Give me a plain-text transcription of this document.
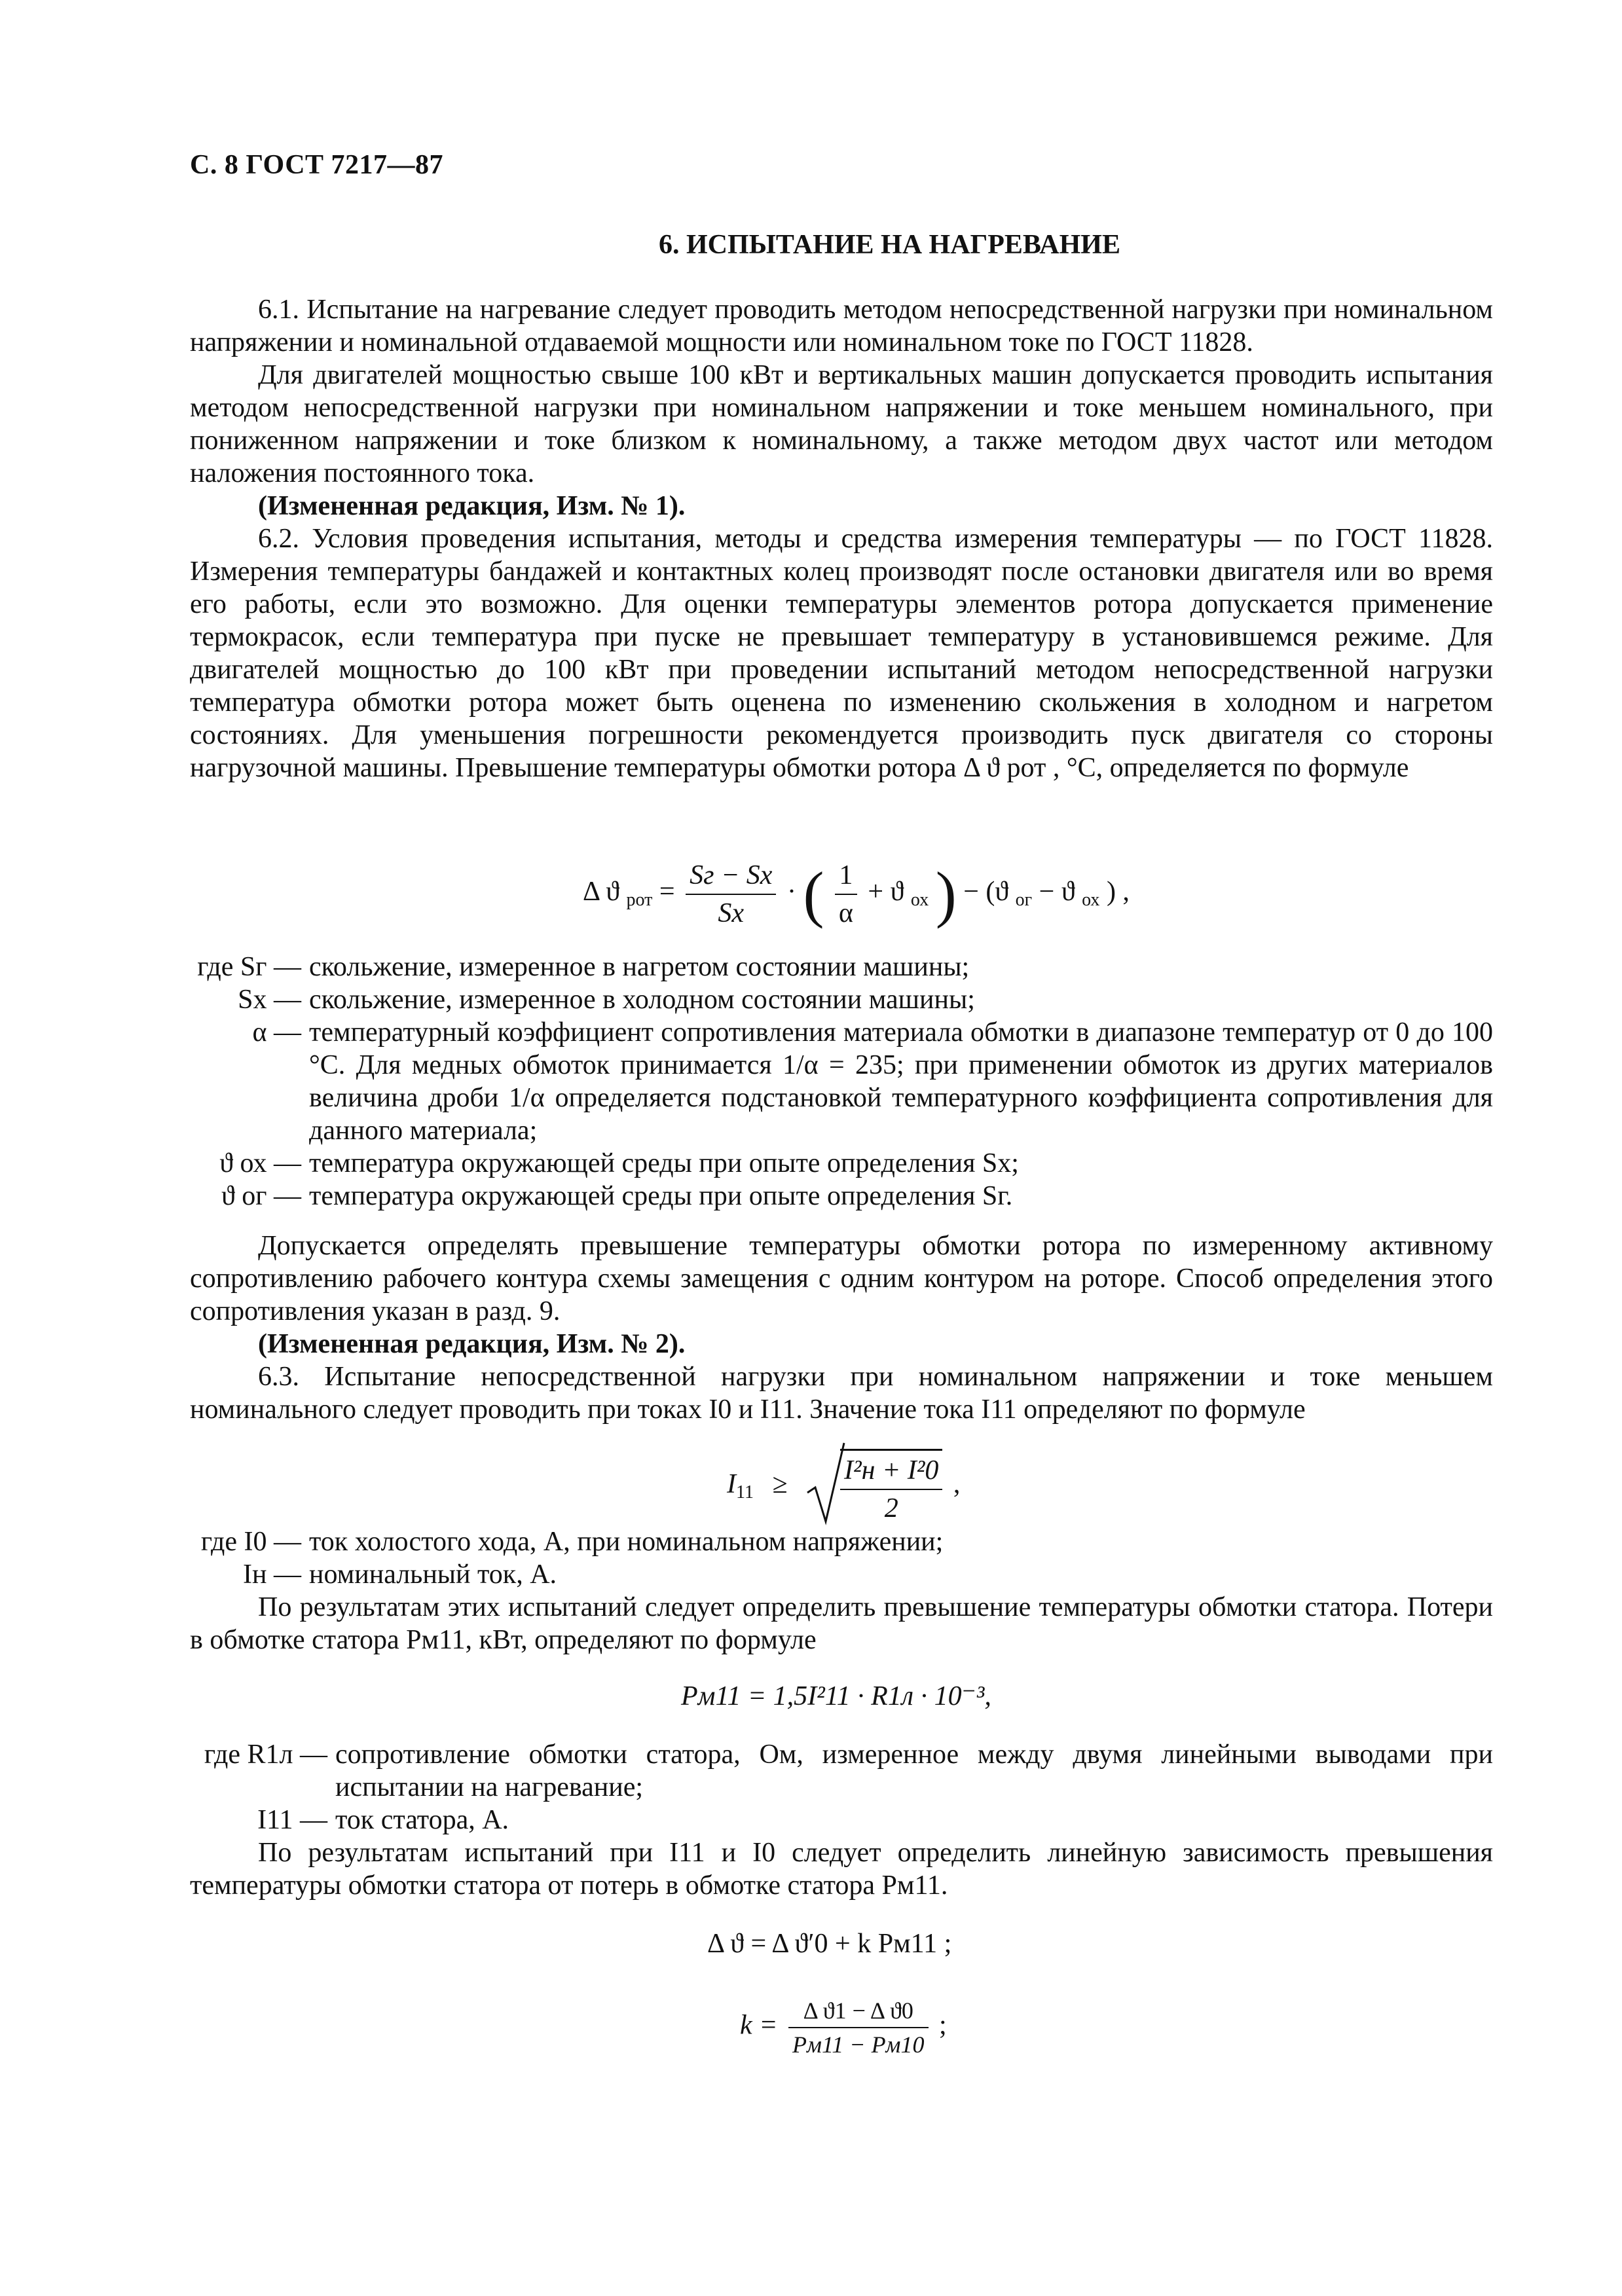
С. 8 ГОСТ 7217—87
6. ИСПЫТАНИЕ НА НАГРЕВАНИЕ

6.1. Испытание на нагревание следует проводить методом непосредственной нагрузки при номинальном напряжении и номинальной отдаваемой мощности или номинальном токе по ГОСТ 11828.

Для двигателей мощностью свыше 100 кВт и вертикальных машин допускается проводить испытания методом непосредственной нагрузки при номинальном напряжении и токе меньшем номинального, при пониженном напряжении и токе близком к номинальному, а также методом двух частот или методом наложения постоянного тока.

(Измененная редакция, Изм. № 1).

6.2. Условия проведения испытания, методы и средства измерения температуры — по ГОСТ 11828. Измерения температуры бандажей и контактных колец производят после остановки двигателя или во время его работы, если это возможно. Для оценки температуры элементов ротора допускается применение термокрасок, если температура при пуске не превышает температуру в установившемся режиме. Для двигателей мощностью до 100 кВт при проведении испытаний методом непосредственной нагрузки температура обмотки ротора может быть оценена по изменению скольжения в холодном и нагретом состояниях. Для уменьшения погрешности рекомендуется производить пуск двигателя со стороны нагрузочной машины. Превышение температуры обмотки ротора Δ ϑ рот , °С, определяется по формуле

Δ ϑ $_{рот} = \frac{Sг - Sх}{Sх}$ · ( $\frac{1}{\alpha} + ϑ$ $_{ох}$ ) − (ϑ $_{ог}$ − ϑ $_{ох}$ ) ,
где Sг — скольжение, измеренное в нагретом состоянии машины;
Sх — скольжение, измеренное в холодном состоянии машины;
α — температурный коэффициент сопротивления материала обмотки в диапазоне температур от 0 до 100 °С. Для медных обмоток принимается 1/α = 235; при применении обмоток из других материалов величина дроби 1/α определяется подстановкой температурного коэффициента сопротивления для данного материала;
ϑ ох — температура окружающей среды при опыте определения Sх;
ϑ ог — температура окружающей среды при опыте определения Sг.

Допускается определять превышение температуры обмотки ротора по измеренному активному сопротивлению рабочего контура схемы замещения с одним контуром на роторе. Способ определения этого сопротивления указан в разд. 9.

(Измененная редакция, Изм. № 2).

6.3. Испытание непосредственной нагрузки при номинальном напряжении и токе меньшем номинального следует проводить при токах I0 и I11. Значение тока I11 определяют по формуле

$I_{11} \ge \frac{\text{I²н + I²0}}{2}$ ,
где I0 — ток холостого хода, А, при номинальном напряжении;
Iн — номинальный ток, А.

По результатам этих испытаний следует определить превышение температуры обмотки статора. Потери в обмотке статора Pм11, кВт, определяют по формуле

Pм11 = 1,5I²11 · R1л · 10⁻³,
где R1л — сопротивление обмотки статора, Ом, измеренное между двумя линейными выводами при испытании на нагревание;
I11 — ток статора, А.

По результатам испытаний при I11 и I0 следует определить линейную зависимость превышения температуры обмотки статора от потерь в обмотке статора Pм11.

Δ ϑ = Δ ϑ′0 + k Pм11 ;
$k = \frac{\text{Δ ϑ1 − Δ ϑ0}}{Pм11 - Pм10}$ ;
